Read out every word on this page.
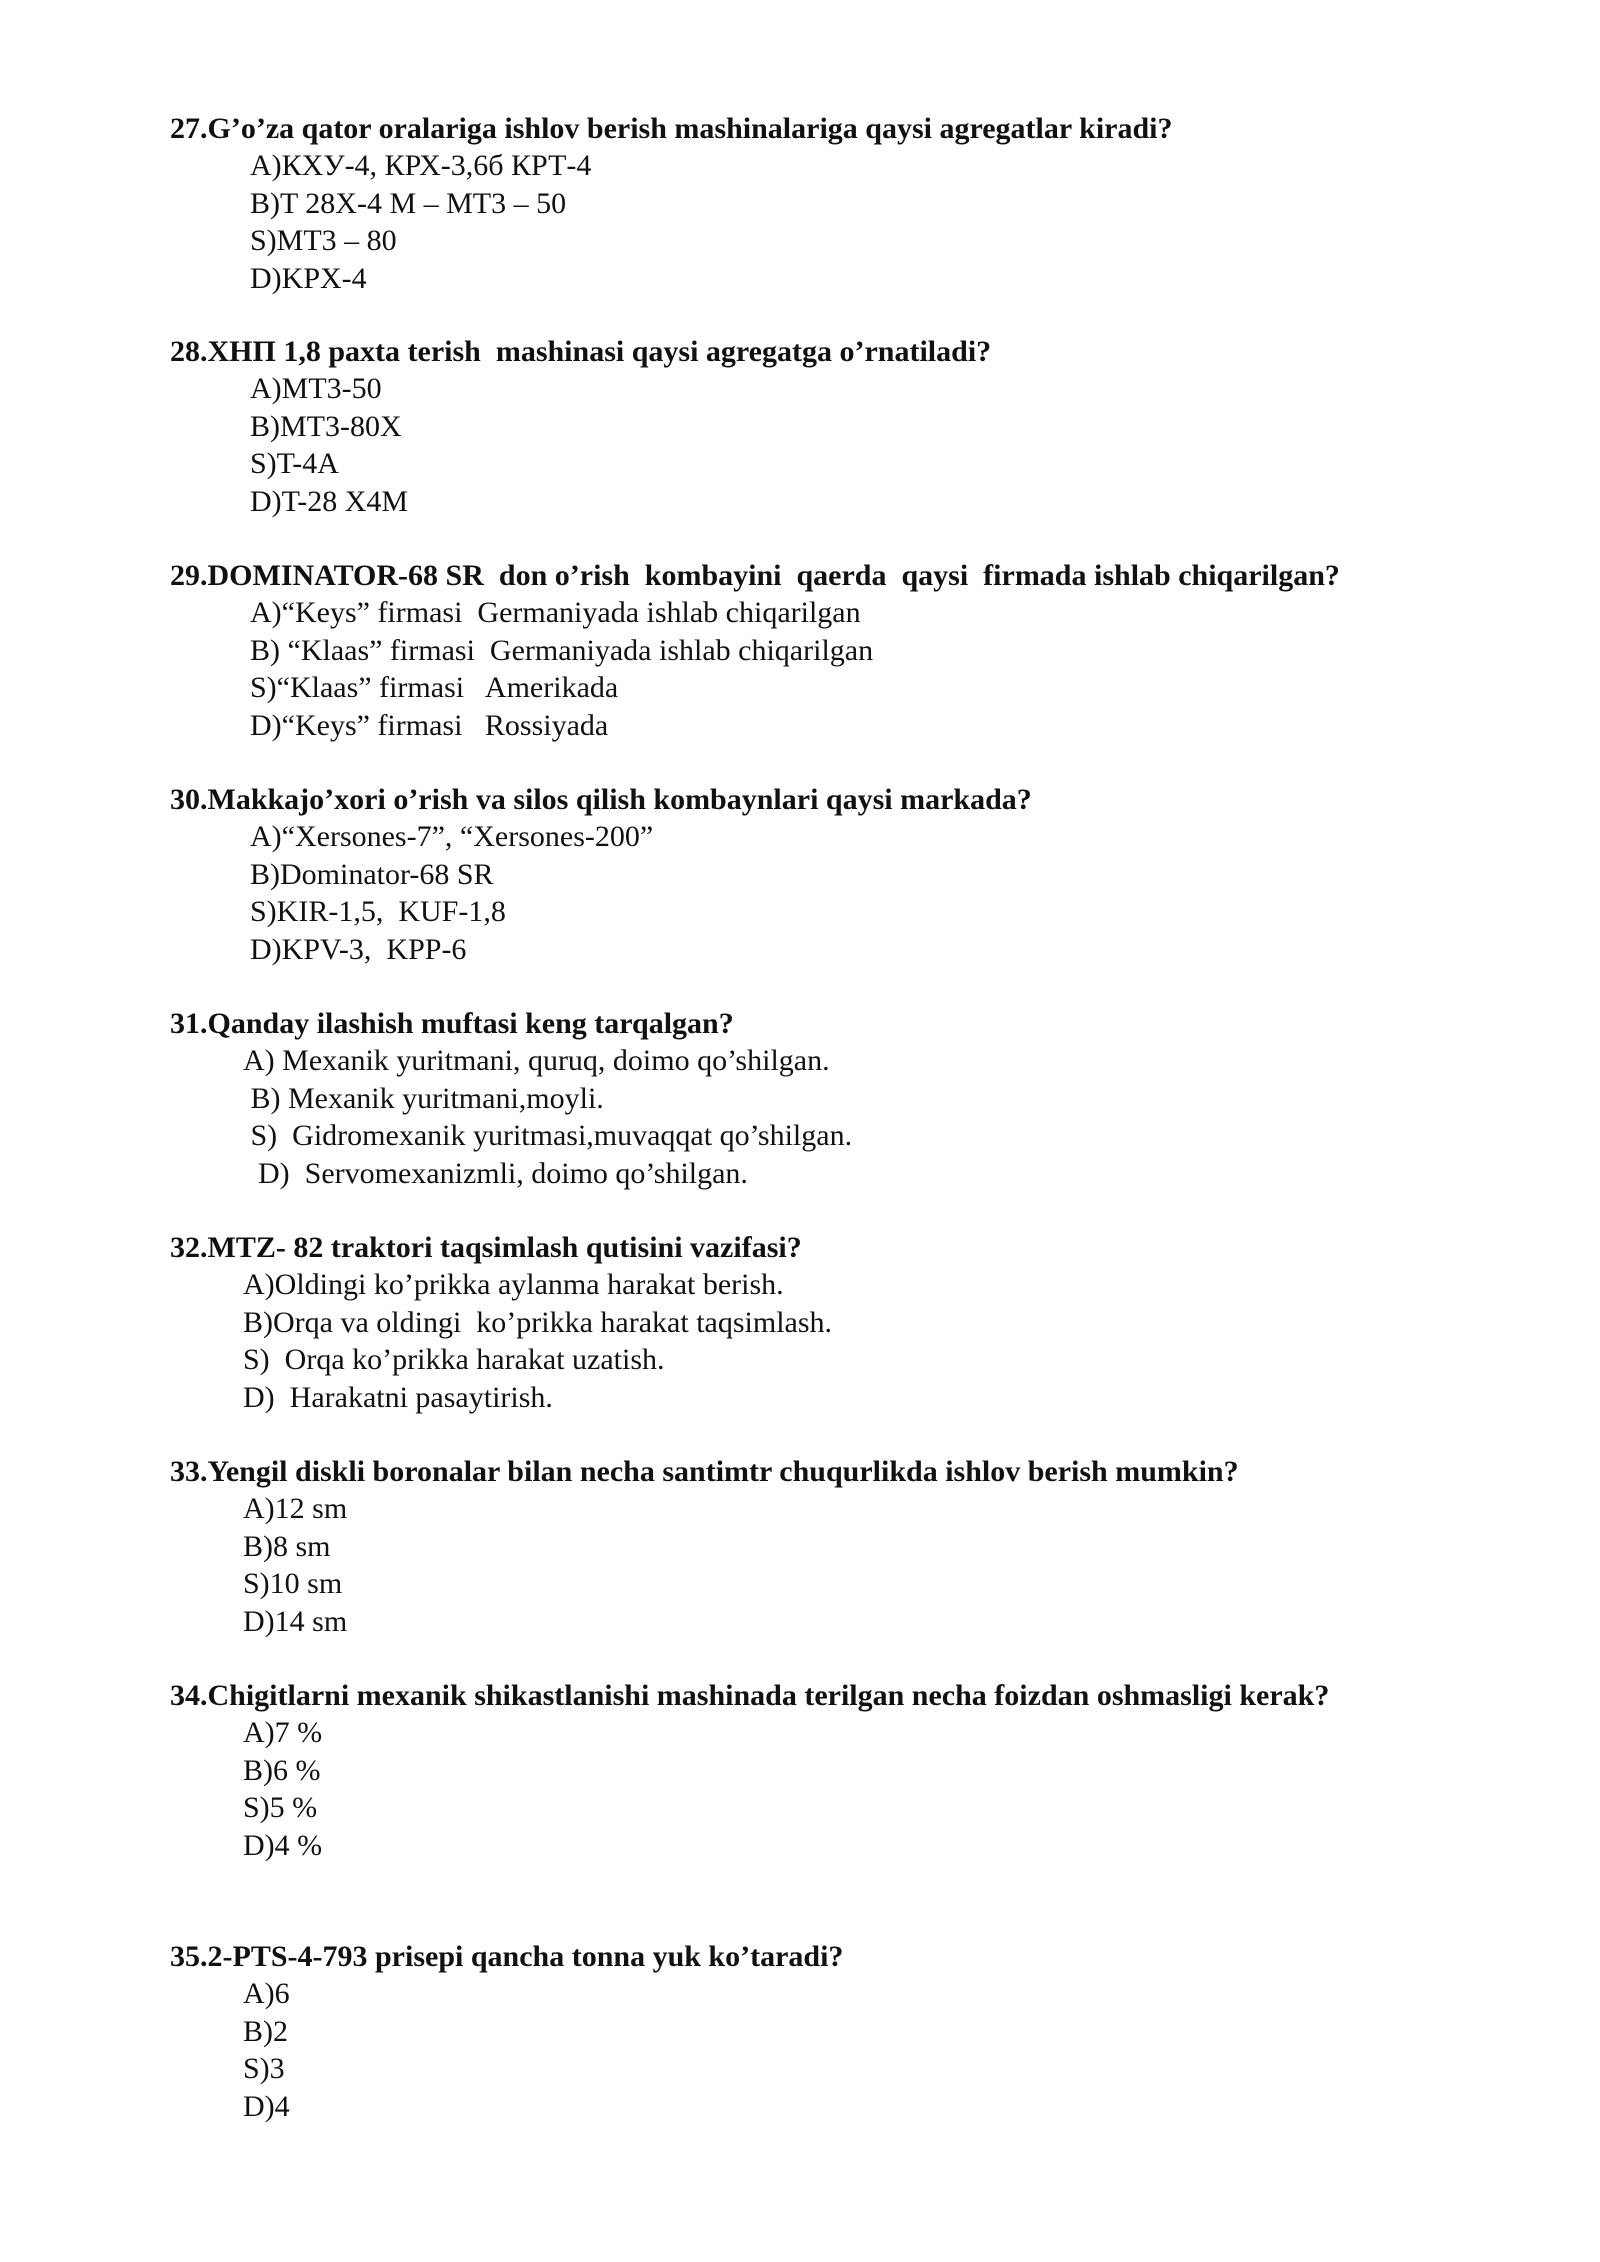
27.G’o’za qator oralariga ishlov berish mashinalariga qaysi agregatlar kiradi?

A)КХУ-4, КРХ-3,6б КРТ-4

B)T 28X-4 M – MT3 – 50

S)MT3 – 80

D)KPX-4

28.ХНП 1,8 paxta terish  mashinasi qaysi agregatga o’rnatiladi?

A)MT3-50

B)MT3-80X

S)T-4A

D)T-28 X4M

29.DOMINATOR-68 SR  don o’rish  kombayini  qaerda  qaysi  firmada ishlab chiqarilgan?

A)“Keys” firmasi  Germaniyada ishlab chiqarilgan

B) “Klaas” firmasi  Germaniyada ishlab chiqarilgan

S)“Klaas” firmasi   Amerikada

D)“Keys” firmasi   Rossiyada

30.Makkajo’xori o’rish va silos qilish kombaynlari qaysi markada?

A)“Xersones-7”, “Xersones-200”

B)Dominator-68 SR

S)KIR-1,5,  KUF-1,8

D)KPV-3,  KPP-6

31.Qanday ilashish muftasi keng tarqalgan?

A) Mexanik yuritmani, quruq, doimo qo’shilgan.

B) Mexanik yuritmani,moyli.

S)  Gidromexanik yuritmasi,muvaqqat qo’shilgan.

D)  Servomexanizmli, doimo qo’shilgan.

32.MTZ- 82 traktori taqsimlash qutisini vazifasi?

A)Oldingi ko’prikka aylanma harakat berish.

B)Orqa va oldingi  ko’prikka harakat taqsimlash.

S)  Orqa ko’prikka harakat uzatish.

D)  Harakatni pasaytirish.

33.Yengil diskli boronalar bilan necha santimtr chuqurlikda ishlov berish mumkin?

A)12 sm

B)8 sm

S)10 sm

D)14 sm

34.Chigitlarni mexanik shikastlanishi mashinada terilgan necha foizdan oshmasligi kerak?

A)7 %

B)6 %

S)5 %

D)4 %

35.2-PTS-4-793 prisepi qancha tonna yuk ko’taradi?

A)6

B)2

S)3

D)4
